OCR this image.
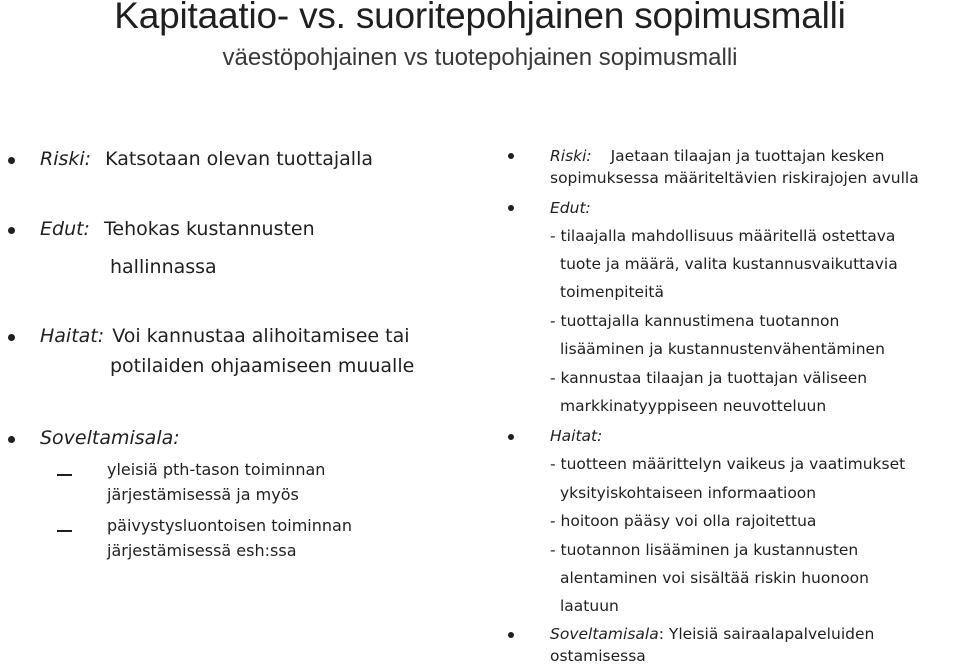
Kapitaatio- vs. suoritepohjainen sopimusmalli
väestöpohjainen vs tuotepohjainen sopimusmalli
Riski: Katsotaan olevan tuottajalla
Edut: Tehokas kustannusten
hallinnassa
Haitat: Voi kannustaa alihoitamisee tai
potilaiden ohjaamiseen muualle
Soveltamisala:
yleisiä pth-tason toiminnan
järjestämisessä ja myös
päivystysluontoisen toiminnan
järjestämisessä esh:ssa
Riski: Jaetaan tilaajan ja tuottajan kesken
sopimuksessa määriteltävien riskirajojen avulla
Edut:
- tilaajalla mahdollisuus määritellä ostettava
tuote ja määrä, valita kustannusvaikuttavia
toimenpiteitä
- tuottajalla kannustimena tuotannon
lisääminen ja kustannustenvähentäminen
- kannustaa tilaajan ja tuottajan väliseen
markkinatyyppiseen neuvotteluun
Haitat:
- tuotteen määrittelyn vaikeus ja vaatimukset
yksityiskohtaiseen informaatioon
- hoitoon pääsy voi olla rajoitettua
- tuotannon lisääminen ja kustannusten
alentaminen voi sisältää riskin huonoon
laatuun
Soveltamisala: Yleisiä sairaalapalveluiden
ostamisessa
